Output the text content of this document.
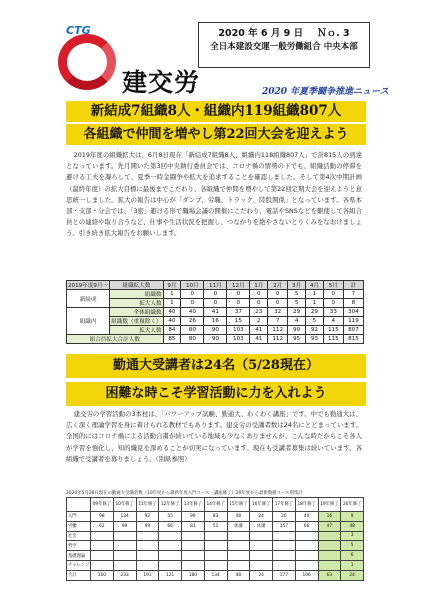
CTG	2020 年 6 月 9 日 Ｎｏ. 3
全日本建設交運一般労働組合 中央本部
建交労	2020 年夏季闘争推進ニュース
新結成7組織8人・組織内119組織807人
各組織で仲間を増やし第22回大会を迎えよう

2019年度の組織拡大は、6月8日現在「新結成7組織8人、組織内118組織807人」で計815人の到達となっています。先月開いた第3回中央執行委員会では、コロナ禍の情勢の下でも、組織活動の停滞を避ける工夫を凝らして、夏季一時金闘争や拡大を追求することを確認しました。そして第4次中期計画（最終年度）の拡大目標に最後までこだわり、各組織で仲間を増やして第22回定期大会を迎えようと意思統一しました。拡大の報告は中心が「ダンプ、労職、トラック、陸股関係」となっています。各県本部・支部・分会では、「3密」避ける形で職場会議の開催にこだわり、電話やSNSなどを駆使して各組合員との連絡や取り合うなど、仕事や生活状況を把握し、つながりを絶やさないとりくみをなおけましょう。引き続き拡大報告をお願いします。

2019年度9月〜	組織拡大数	9月	10月	11月	12月	1月	2月	3月	4月	5月	計
新結成	組織数	1	0	0	0	0	0	5	1	0	7
	拡大人数	1	0	0	0	0	0	5	1	0	8
組織内	全体組織数	40	40	41	37	23	32	29	29	33	304
	組織数（重複除く）	40	26	16	15	2	7	4	5	4	119
	拡大人数	84	80	90	103	41	112	90	92	115	807
組合員拡大合計人数		85	80	90	103	41	112	95	93	115	815
勤通大受講者は24名（5/28現在）
困難な時こそ学習活動に力を入れよう

建交労の学習活動の3本柱は、「パワーアップ試験、勤通大、わくわく講座」です。中でも勤通大は、広く深く理論学習を身に着けられる教材でもあります。建交労の受講者数は24名にとどまっています。全国的にはコロナ禍による活動自粛が続いている地域も少なくありませんが、こんな時だからこそ各人が学習を強化し、知的織見を深めることが切実になっています。現在も受講者募集は続いています。各組織で受講者を募りましょう。（別紙参照）

2020年5月28日現在の勤通大受講者数（10年度から最新年度入門コース・講座修了）20年度から最新数値コース別集計
	09年修了	10年修了	11年修了	12年修了	13年修了	14年修了	15年修了	16年修了	17年修了	18年修了	19年修了	20年修了
入門	98	134	92	55	99	83	48	24	20	40	16	9
労働	62	99	99	66	81	51	休講	休講	157	66	47	48
社会												3
哲学												5
基礎理論												6
チャレンジ												1
合計	160	233	191	121	180	134	48	24	177	106	63	24
